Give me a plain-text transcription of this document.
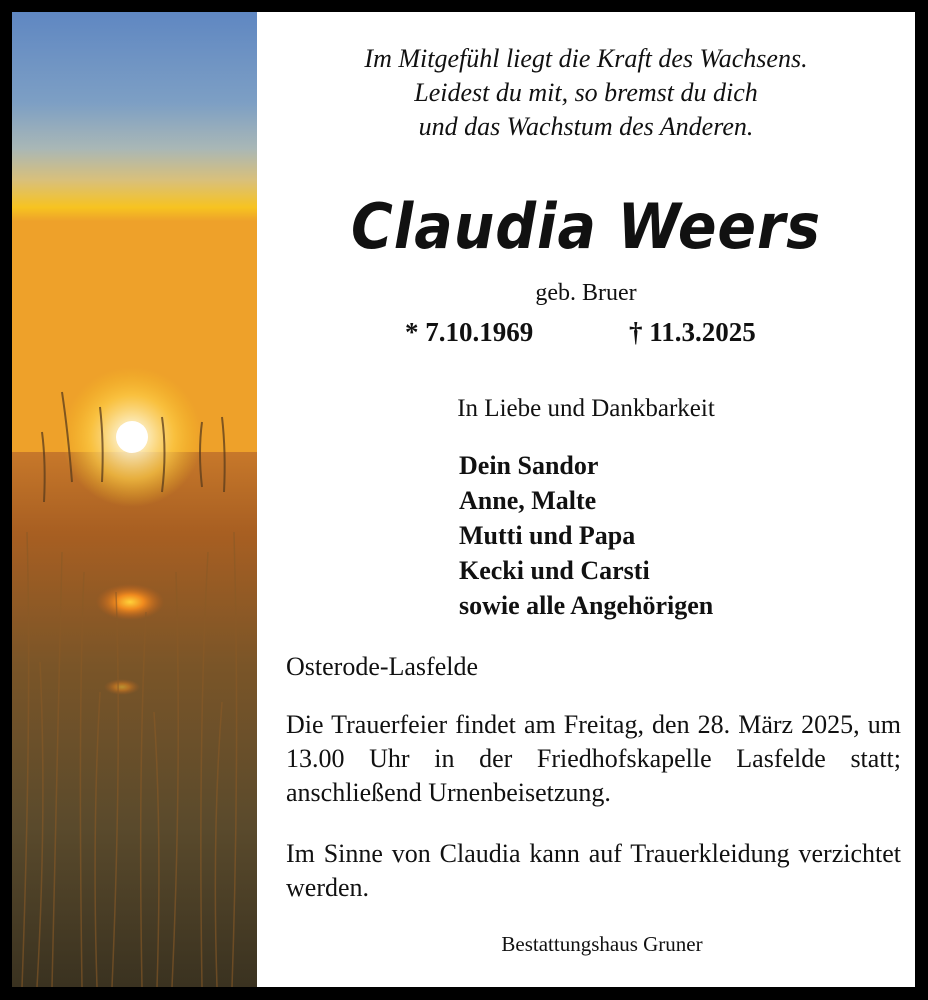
Im Mitgefühl liegt die Kraft des Wachsens.
Leidest du mit, so bremst du dich
und das Wachstum des Anderen.
Claudia Weers
geb. Bruer
* 7.10.1969	† 11.3.2025
In Liebe und Dankbarkeit
Dein Sandor
Anne, Malte
Mutti und Papa
Kecki und Carsti
sowie alle Angehörigen
Osterode-Lasfelde
Die Trauerfeier findet am Freitag, den 28. März 2025, um 13.00 Uhr in der Friedhofskapelle Lasfelde statt; anschließend Urnenbeisetzung.
Im Sinne von Claudia kann auf Trauerkleidung verzichtet werden.
Bestattungshaus Gruner
